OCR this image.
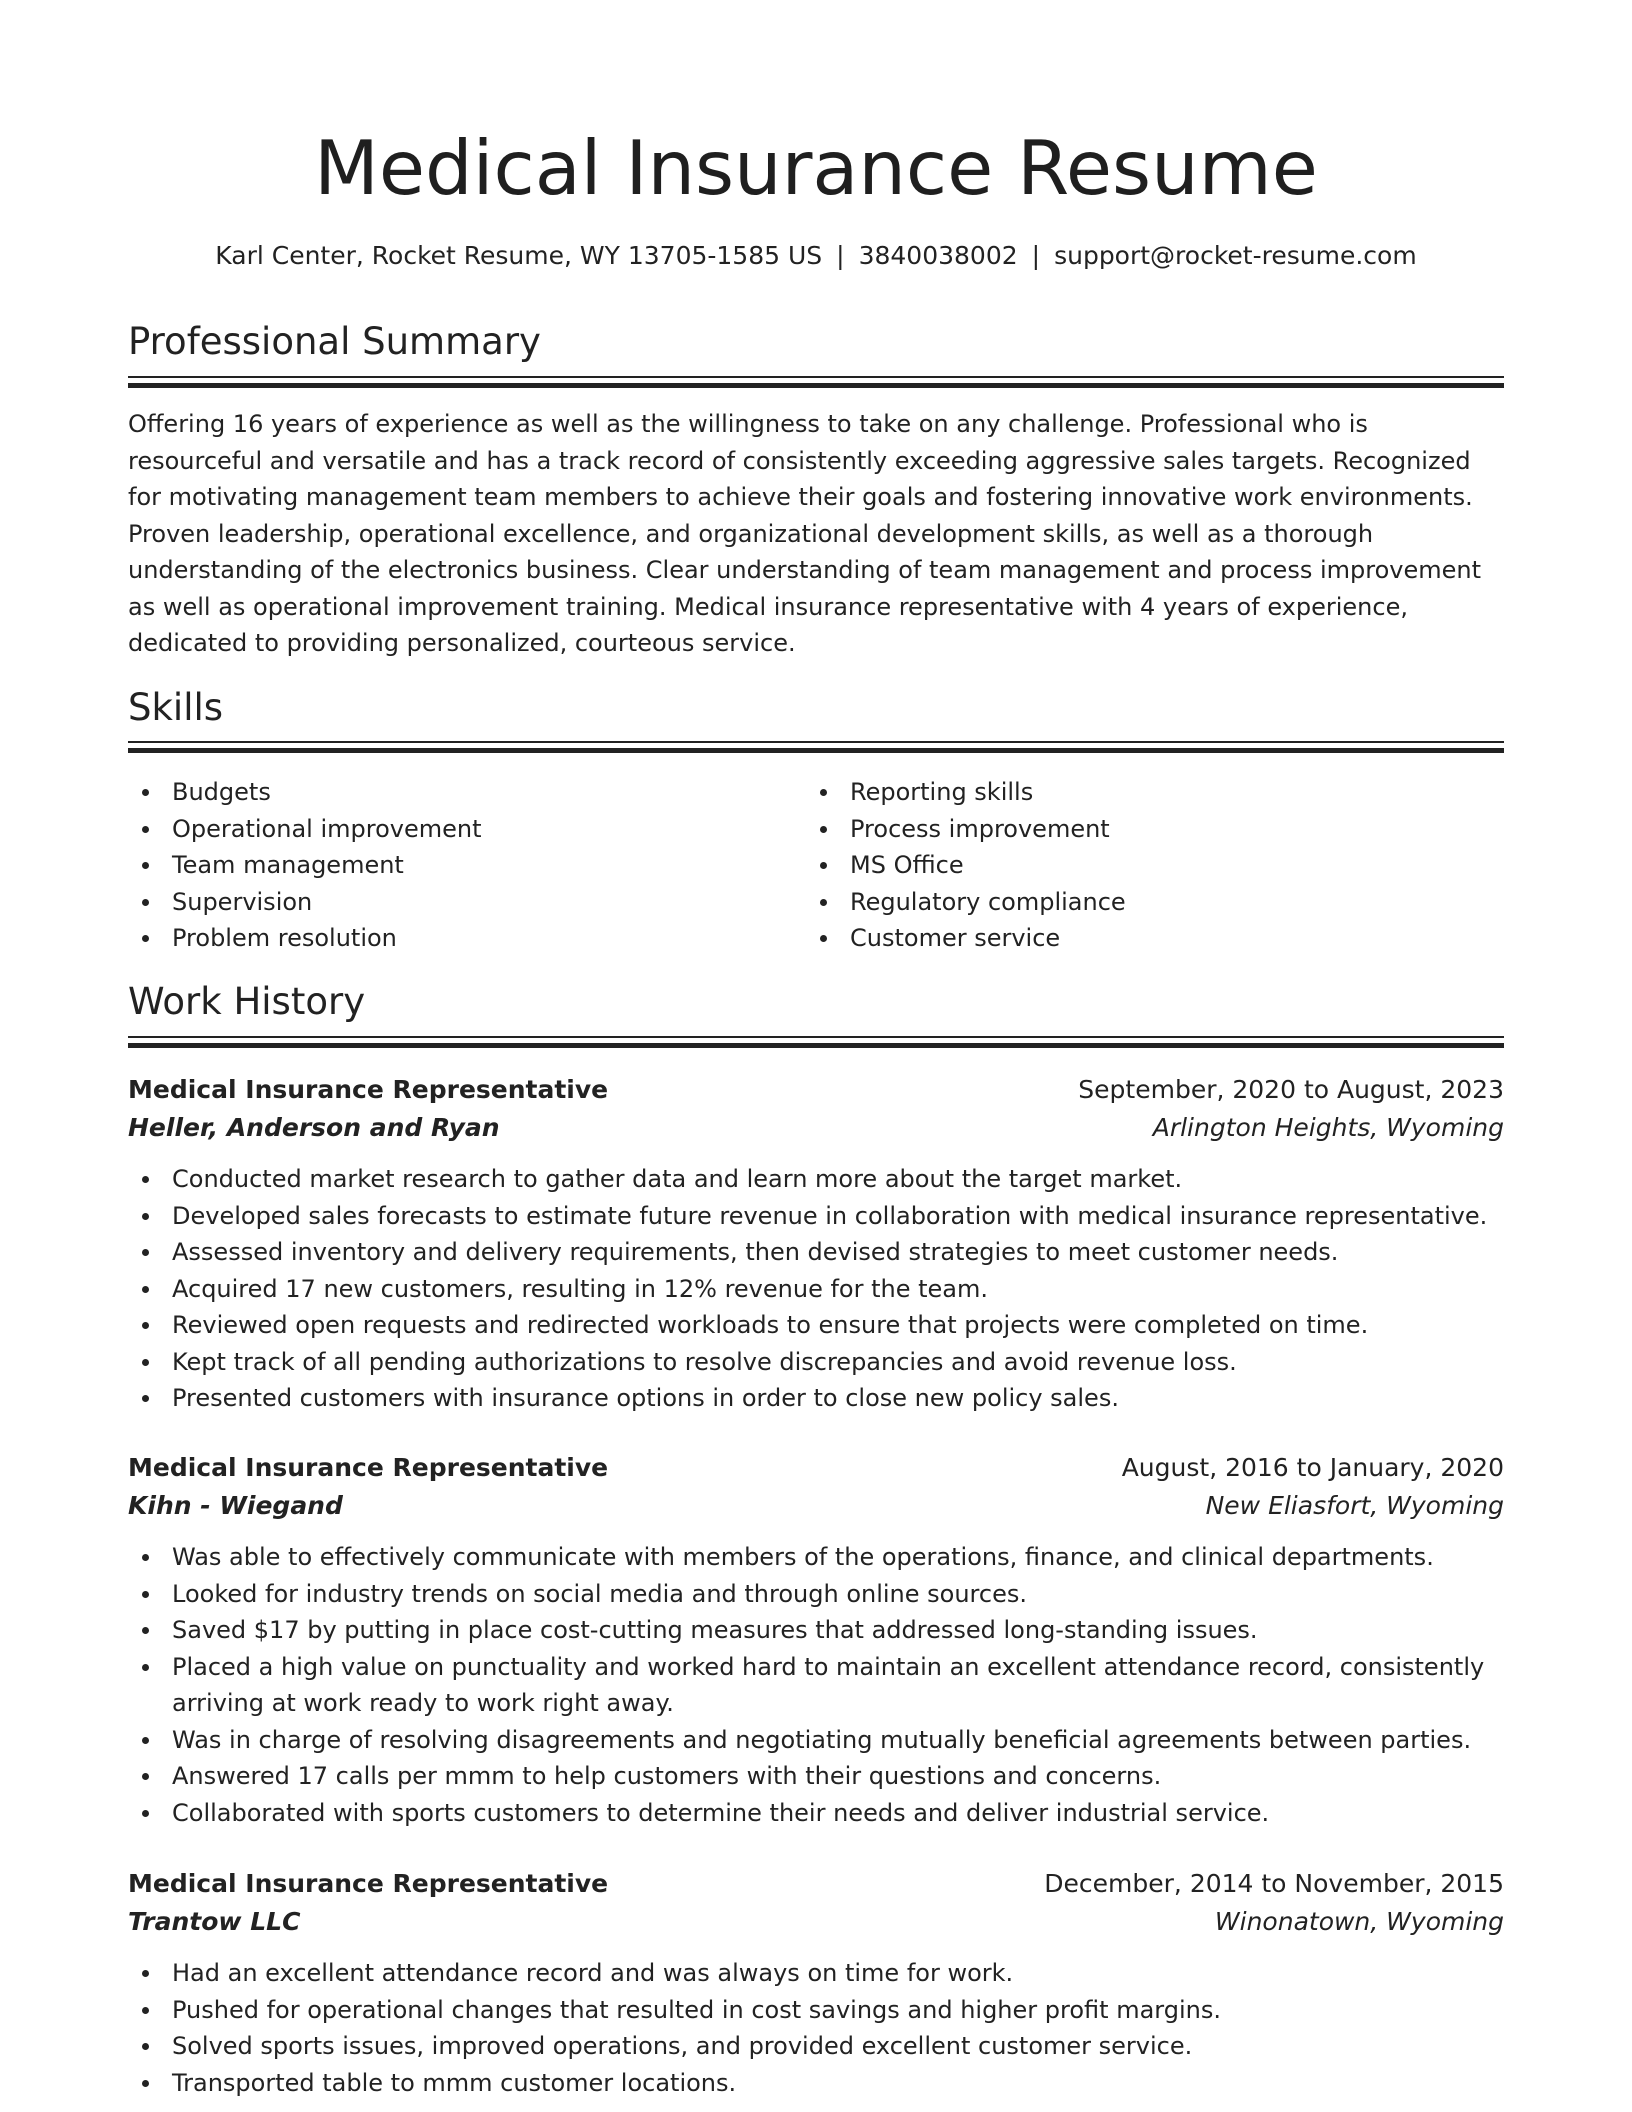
Medical Insurance Resume
Karl Center, Rocket Resume, WY 13705-1585 US | 3840038002 | support@rocket-resume.com
Professional Summary

Offering 16 years of experience as well as the willingness to take on any challenge. Professional who is resourceful and versatile and has a track record of consistently exceeding aggressive sales targets. Recognized for motivating management team members to achieve their goals and fostering innovative work environments. Proven leadership, operational excellence, and organizational development skills, as well as a thorough understanding of the electronics business. Clear understanding of team management and process improvement as well as operational improvement training. Medical insurance representative with 4 years of experience, dedicated to providing personalized, courteous service.

Skills
Budgets
Operational improvement
Team management
Supervision
Problem resolution
Reporting skills
Process improvement
MS Office
Regulatory compliance
Customer service
Work History
Medical Insurance Representative	September, 2020 to August, 2023
Heller, Anderson and Ryan	Arlington Heights, Wyoming
Conducted market research to gather data and learn more about the target market.
Developed sales forecasts to estimate future revenue in collaboration with medical insurance representative.
Assessed inventory and delivery requirements, then devised strategies to meet customer needs.
Acquired 17 new customers, resulting in 12% revenue for the team.
Reviewed open requests and redirected workloads to ensure that projects were completed on time.
Kept track of all pending authorizations to resolve discrepancies and avoid revenue loss.
Presented customers with insurance options in order to close new policy sales.
Medical Insurance Representative	August, 2016 to January, 2020
Kihn - Wiegand	New Eliasfort, Wyoming
Was able to effectively communicate with members of the operations, finance, and clinical departments.
Looked for industry trends on social media and through online sources.
Saved $17 by putting in place cost-cutting measures that addressed long-standing issues.
Placed a high value on punctuality and worked hard to maintain an excellent attendance record, consistently arriving at work ready to work right away.
Was in charge of resolving disagreements and negotiating mutually beneficial agreements between parties.
Answered 17 calls per mmm to help customers with their questions and concerns.
Collaborated with sports customers to determine their needs and deliver industrial service.
Medical Insurance Representative	December, 2014 to November, 2015
Trantow LLC	Winonatown, Wyoming
Had an excellent attendance record and was always on time for work.
Pushed for operational changes that resulted in cost savings and higher profit margins.
Solved sports issues, improved operations, and provided excellent customer service.
Transported table to mmm customer locations.
